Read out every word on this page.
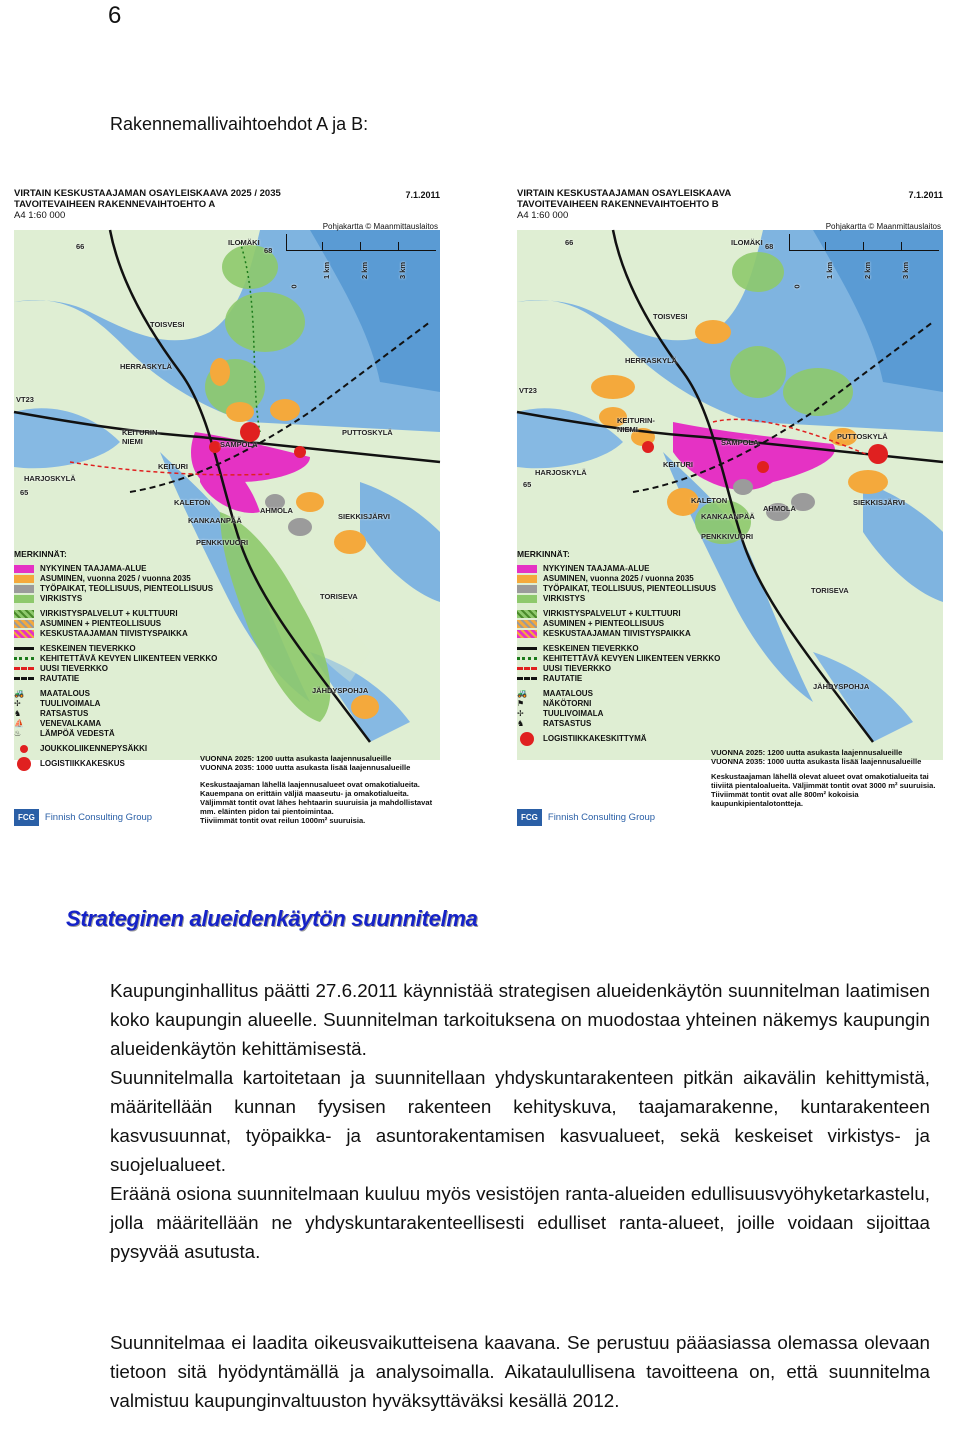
6
Rakennemallivaihtoehdot A ja B:
VIRTAIN KESKUSTAAJAMAN OSAYLEISKAAVA 2025 / 2035
TAVOITEVAIHEEN RAKENNEVAIHTOEHTO A
A4 1:60 000
7.1.2011
Pohjakartta © Maanmittauslaitos
0
1 km	2 km	3 km
ILOMÄKI
TOISVESI
HERRASKYLÄ
VT23
KEITURIN-NIEMI
KEITURI
SAMPOLA
PUTTOSKYLÄ
HARJOSKYLÄ
KALETON
KANKAANPÄÄ
AHMOLA
SIEKKISJÄRVI
PENKKIVUORI
TORISEVA
JÄHDYSPOHJA
66	68
65
MERKINNÄT:
NYKYINEN TAAJAMA-ALUE
ASUMINEN, vuonna 2025 / vuonna 2035
TYÖPAIKAT, TEOLLISUUS, PIENTEOLLISUUS
VIRKISTYS
VIRKISTYSPALVELUT + KULTTUURI
ASUMINEN + PIENTEOLLISUUS
KESKUSTAAJAMAN TIIVISTYSPAIKKA
KESKEINEN TIEVERKKO
KEHITETTÄVÄ KEVYEN LIIKENTEEN VERKKO
UUSI TIEVERKKO
RAUTATIE
🚜	MAATALOUS
✢	TUULIVOIMALA
♞	RATSASTUS
⛵	VENEVALKAMA
♨	LÄMPÖÄ VEDESTÄ
JOUKKOLIIKENNEPYSÄKKI
LOGISTIIKKAKESKUS
VUONNA 2025: 1200 uutta asukasta laajennusalueille
VUONNA 2035: 1000 uutta asukasta lisää laajennusalueille
Keskustaajaman lähellä laajennusalueet ovat omakotialueita.
Kauempana on erittäin väljiä maaseutu- ja omakotialueita.
Väljimmät tontit ovat lähes hehtaarin suuruisia ja mahdollistavat mm. eläinten pidon tai pientoimintaa.
Tiiviimmät tontit ovat reilun 1000m² suuruisia.
FCG	Finnish Consulting Group
VIRTAIN KESKUSTAAJAMAN OSAYLEISKAAVA
TAVOITEVAIHEEN RAKENNEVAIHTOEHTO B
A4 1:60 000
7.1.2011
Pohjakartta © Maanmittauslaitos
0
1 km	2 km	3 km
ILOMÄKI
TOISVESI
HERRASKYLÄ
VT23
KEITURIN-NIEMI
KEITURI
SAMPOLA
PUTTOSKYLÄ
HARJOSKYLÄ
KALETON
KANKAANPÄÄ
AHMOLA
SIEKKISJÄRVI
PENKKIVUORI
TORISEVA
JÄHDYSPOHJA
66	68
65
MERKINNÄT:
NYKYINEN TAAJAMA-ALUE
ASUMINEN, vuonna 2025 / vuonna 2035
TYÖPAIKAT, TEOLLISUUS, PIENTEOLLISUUS
VIRKISTYS
VIRKISTYSPALVELUT + KULTTUURI
ASUMINEN + PIENTEOLLISUUS
KESKUSTAAJAMAN TIIVISTYSPAIKKA
KESKEINEN TIEVERKKO
KEHITETTÄVÄ KEVYEN LIIKENTEEN VERKKO
UUSI TIEVERKKO
RAUTATIE
🚜	MAATALOUS
⚑	NÄKÖTORNI
✢	TUULIVOIMALA
♞	RATSASTUS
LOGISTIIKKAKESKITTYMÄ
VUONNA 2025: 1200 uutta asukasta laajennusalueille
VUONNA 2035: 1000 uutta asukasta lisää laajennusalueille
Keskustaajaman lähellä olevat alueet ovat omakotialueita tai tiiviitä pientaloalueita. Väljimmät tontit ovat 3000 m² suuruisia. Tiiviimmät tontit ovat alle 800m² kokoisia kaupunkipientalotontteja.
FCG	Finnish Consulting Group
Strateginen alueidenkäytön suunnitelma

Kaupunginhallitus päätti 27.6.2011 käynnistää strategisen alueidenkäytön suunnitelman laatimisen koko kaupungin alueelle. Suunnitelman tarkoituksena on muodostaa yhteinen näkemys kaupungin alueidenkäytön kehittämisestä.

Suunnitelmalla kartoitetaan ja suunnitellaan yhdyskuntarakenteen pitkän aikavälin kehittymistä, määritellään kunnan fyysisen rakenteen kehityskuva, taajamarakenne, kuntarakenteen kasvusuunnat, työpaikka- ja asuntorakentamisen kasvualueet, sekä keskeiset virkistys- ja suojelualueet.

Eräänä osiona suunnitelmaan kuuluu myös vesistöjen ranta-alueiden edullisuusvyöhyketarkastelu, jolla määritellään ne yhdyskuntarakenteellisesti edulliset ranta-alueet, joille voidaan sijoittaa pysyvää asutusta.

Suunnitelmaa ei laadita oikeusvaikutteisena kaavana. Se perustuu pääasiassa olemassa olevaan tietoon sitä hyödyntämällä ja analysoimalla. Aikataulullisena tavoitteena on, että suunnitelma valmistuu kaupunginvaltuuston hyväksyttäväksi kesällä 2012.
